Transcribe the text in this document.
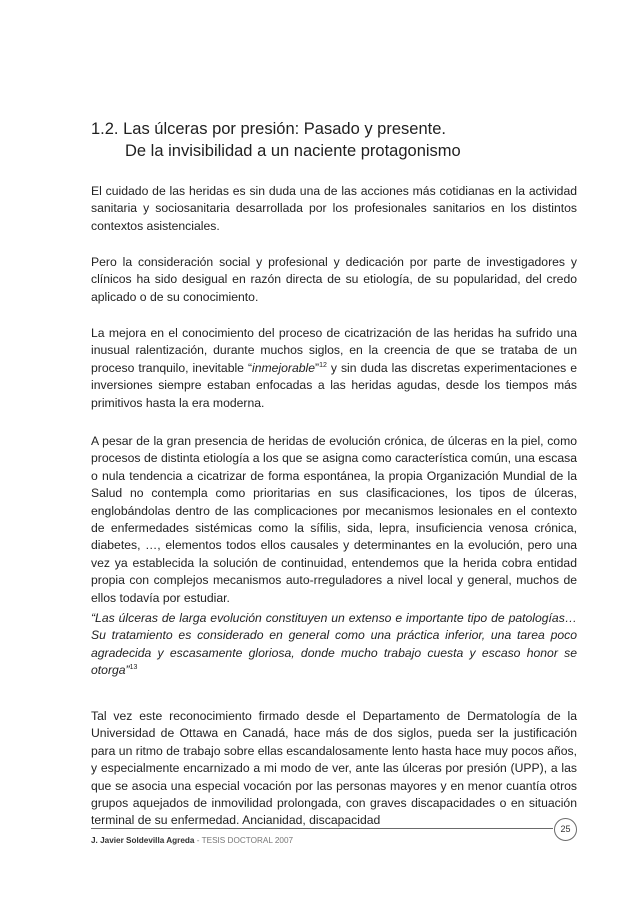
1.2. Las úlceras por presión: Pasado y presente.
De la invisibilidad a un naciente protagonismo

El cuidado de las heridas es sin duda una de las acciones más cotidianas en la actividad sanitaria y sociosanitaria desarrollada por los profesionales sanitarios en los distintos contextos asistenciales.

Pero la consideración social y profesional y dedicación por parte de investigadores y clínicos ha sido desigual en razón directa de su etiología, de su popularidad, del credo aplicado o de su conocimiento.

La mejora en el conocimiento del proceso de cicatrización de las heridas ha sufrido una inusual ralentización, durante muchos siglos, en la creencia de que se trataba de un proceso tranquilo, inevitable “inmejorable”$^{12}$ y sin duda las discretas experimentaciones e inversiones siempre estaban enfocadas a las heridas agudas, desde los tiempos más primitivos hasta la era moderna.

A pesar de la gran presencia de heridas de evolución crónica, de úlceras en la piel, como procesos de distinta etiología a los que se asigna como característica común, una escasa o nula tendencia a cicatrizar de forma espontánea, la propia Organización Mundial de la Salud no contempla como prioritarias en sus clasificaciones, los tipos de úlceras, englobándolas dentro de las complicaciones por mecanismos lesionales en el contexto de enfermedades sistémicas como la sífilis, sida, lepra, insuficiencia venosa crónica, diabetes, …, elementos todos ellos causales y determinantes en la evolución, pero una vez ya establecida la solución de continuidad, entendemos que la herida cobra entidad propia con complejos mecanismos auto-rreguladores a nivel local y general, muchos de ellos todavía por estudiar.

“Las úlceras de larga evolución constituyen un extenso e importante tipo de patologías… Su tratamiento es considerado en general como una práctica inferior, una tarea poco agradecida y escasamente gloriosa, donde mucho trabajo cuesta y escaso honor se otorga”$^{13}$

Tal vez este reconocimiento firmado desde el Departamento de Dermatología de la Universidad de Ottawa en Canadá, hace más de dos siglos, pueda ser la justificación para un ritmo de trabajo sobre ellas escandalosamente lento hasta hace muy pocos años, y especialmente encarnizado a mi modo de ver, ante las úlceras por presión (UPP), a las que se asocia una especial vocación por las personas mayores y en menor cuantía otros grupos aquejados de inmovilidad prolongada, con graves discapacidades o en situación terminal de su enfermedad. Ancianidad, discapacidad

25
J. Javier Soldevilla Agreda - TESIS DOCTORAL 2007
